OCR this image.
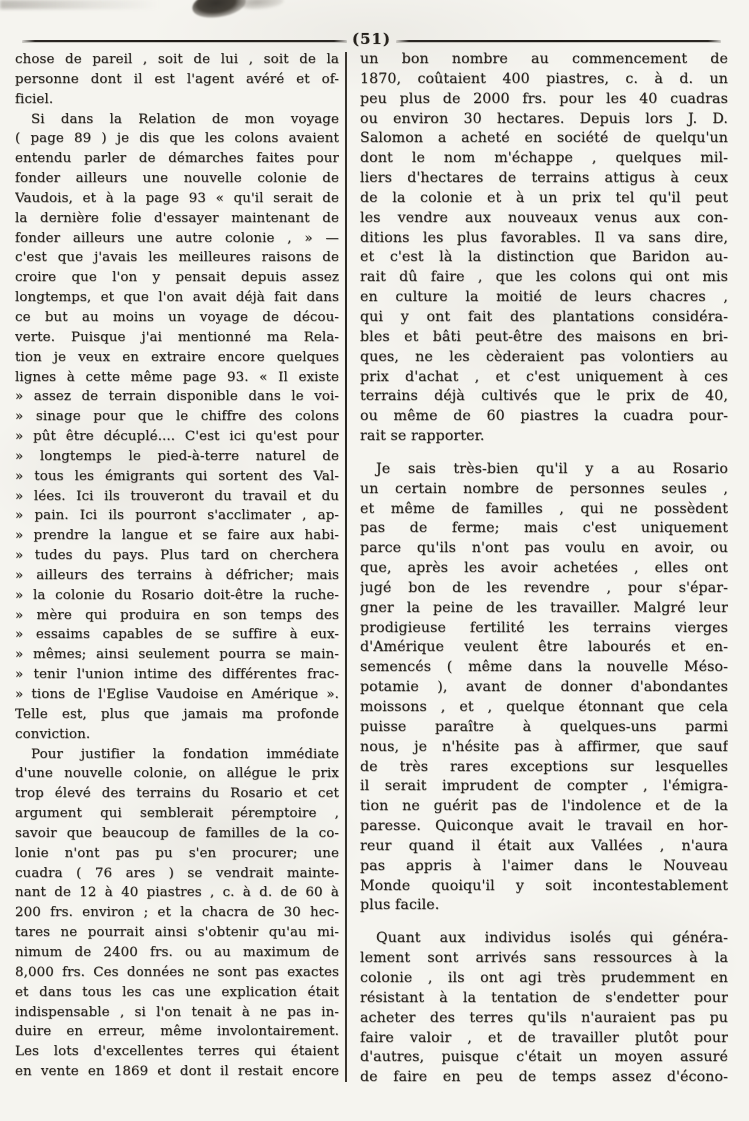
(51)
chose de pareil , soit de lui , soit de la
personne dont il est l'agent avéré et of-
ficiel.
Si dans la Relation de mon voyage
( page 89 ) je dis que les colons avaient
entendu parler de démarches faites pour
fonder ailleurs une nouvelle colonie de
Vaudois, et à la page 93 « qu'il serait de
la dernière folie d'essayer maintenant de
fonder ailleurs une autre colonie , » —
c'est que j'avais les meilleures raisons de
croire que l'on y pensait depuis assez
longtemps, et que l'on avait déjà fait dans
ce but au moins un voyage de décou-
verte. Puisque j'ai mentionné ma Rela-
tion je veux en extraire encore quelques
lignes à cette même page 93. « Il existe
» assez de terrain disponible dans le voi-
» sinage pour que le chiffre des colons
» pût être décuplé.... C'est ici qu'est pour
» longtemps le pied-à-terre naturel de
» tous les émigrants qui sortent des Val-
» lées. Ici ils trouveront du travail et du
» pain. Ici ils pourront s'acclimater , ap-
» prendre la langue et se faire aux habi-
» tudes du pays. Plus tard on cherchera
» ailleurs des terrains à défricher; mais
» la colonie du Rosario doit-être la ruche-
» mère qui produira en son temps des
» essaims capables de se suffire à eux-
» mêmes; ainsi seulement pourra se main-
» tenir l'union intime des différentes frac-
» tions de l'Eglise Vaudoise en Amérique ».
Telle est, plus que jamais ma profonde
conviction.
Pour justifier la fondation immédiate
d'une nouvelle colonie, on allégue le prix
trop élevé des terrains du Rosario et cet
argument qui semblerait péremptoire ,
savoir que beaucoup de familles de la co-
lonie n'ont pas pu s'en procurer; une
cuadra ( 76 ares ) se vendrait mainte-
nant de 12 à 40 piastres , c. à d. de 60 à
200 frs. environ ; et la chacra de 30 hec-
tares ne pourrait ainsi s'obtenir qu'au mi-
nimum de 2400 frs. ou au maximum de
8,000 frs. Ces données ne sont pas exactes
et dans tous les cas une explication était
indispensable , si l'on tenait à ne pas in-
duire en erreur, même involontairement.
Les lots d'excellentes terres qui étaient
en vente en 1869 et dont il restait encore
un bon nombre au commencement de
1870, coûtaient 400 piastres, c. à d. un
peu plus de 2000 frs. pour les 40 cuadras
ou environ 30 hectares. Depuis lors J. D.
Salomon a acheté en société de quelqu'un
dont le nom m'échappe , quelques mil-
liers d'hectares de terrains attigus à ceux
de la colonie et à un prix tel qu'il peut
les vendre aux nouveaux venus aux con-
ditions les plus favorables. Il va sans dire,
et c'est là la distinction que Baridon au-
rait dû faire , que les colons qui ont mis
en culture la moitié de leurs chacres ,
qui y ont fait des plantations considéra-
bles et bâti peut-être des maisons en bri-
ques, ne les cèderaient pas volontiers au
prix d'achat , et c'est uniquement à ces
terrains déjà cultivés que le prix de 40,
ou même de 60 piastres la cuadra pour-
rait se rapporter.
Je sais très-bien qu'il y a au Rosario
un certain nombre de personnes seules ,
et même de familles , qui ne possèdent
pas de ferme; mais c'est uniquement
parce qu'ils n'ont pas voulu en avoir, ou
que, après les avoir achetées , elles ont
jugé bon de les revendre , pour s'épar-
gner la peine de les travailler. Malgré leur
prodigieuse fertilité les terrains vierges
d'Amérique veulent être labourés et en-
semencés ( même dans la nouvelle Méso-
potamie ), avant de donner d'abondantes
moissons , et , quelque étonnant que cela
puisse paraître à quelques-uns parmi
nous, je n'hésite pas à affirmer, que sauf
de très rares exceptions sur lesquelles
il serait imprudent de compter , l'émigra-
tion ne guérit pas de l'indolence et de la
paresse. Quiconque avait le travail en hor-
reur quand il était aux Vallées , n'aura
pas appris à l'aimer dans le Nouveau
Monde quoiqu'il y soit incontestablement
plus facile.
Quant aux individus isolés qui généra-
lement sont arrivés sans ressources à la
colonie , ils ont agi très prudemment en
résistant à la tentation de s'endetter pour
acheter des terres qu'ils n'auraient pas pu
faire valoir , et de travailler plutôt pour
d'autres, puisque c'était un moyen assuré
de faire en peu de temps assez d'écono-
